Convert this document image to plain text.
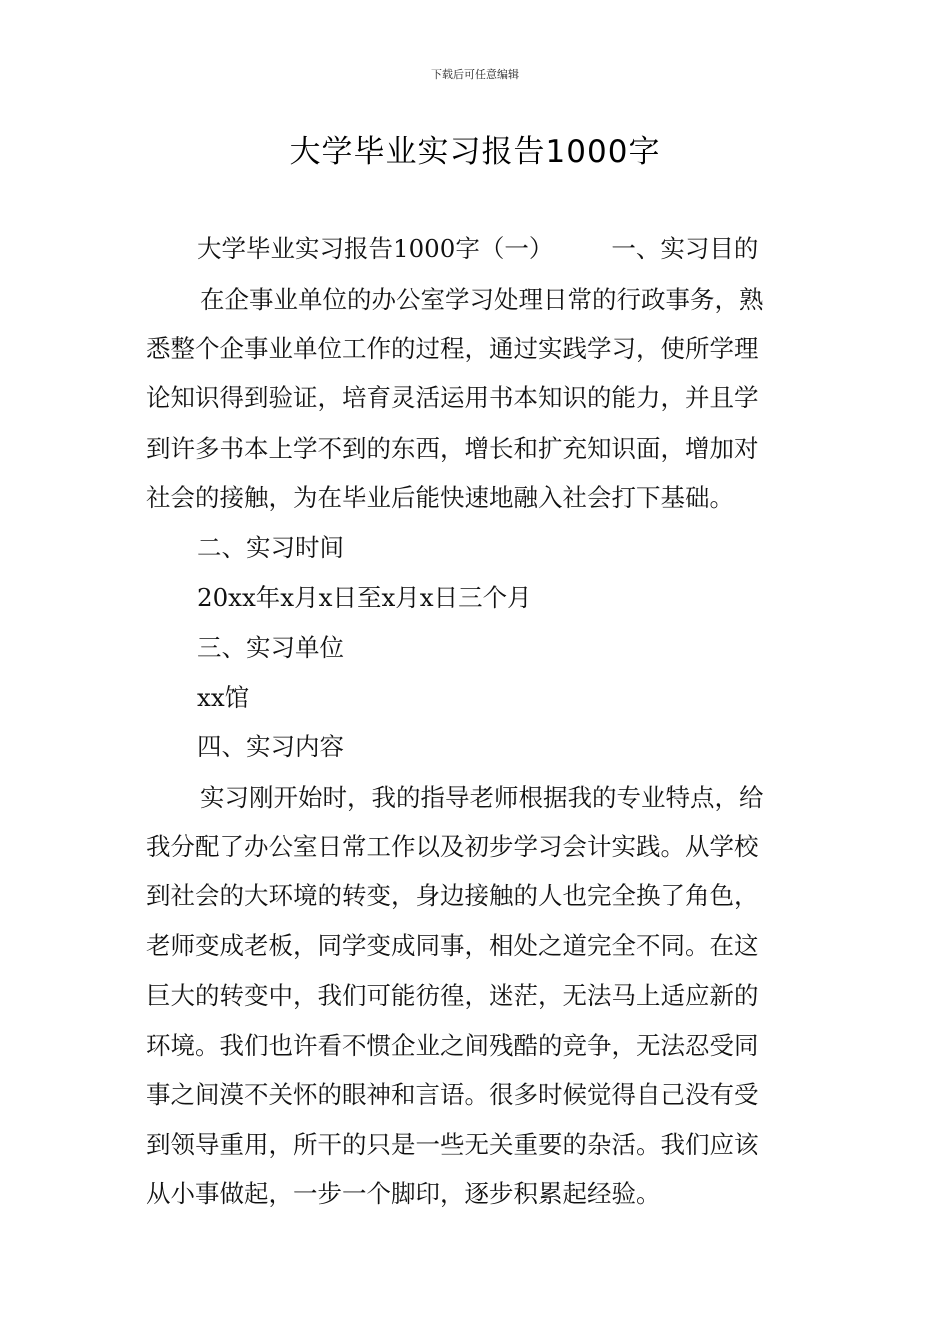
下载后可任意编辑
大学毕业实习报告1000字
大学毕业实习报告1000字（一） 一、实习目的
在企事业单位的办公室学习处理日常的行政事务，熟
悉整个企事业单位工作的过程，通过实践学习，使所学理
论知识得到验证，培育灵活运用书本知识的能力，并且学
到许多书本上学不到的东西，增长和扩充知识面，增加对
社会的接触，为在毕业后能快速地融入社会打下基础。
二、实习时间
20xx年x月x日至x月x日三个月
三、实习单位
xx馆
四、实习内容
实习刚开始时，我的指导老师根据我的专业特点，给
我分配了办公室日常工作以及初步学习会计实践。从学校
到社会的大环境的转变，身边接触的人也完全换了角色，
老师变成老板，同学变成同事，相处之道完全不同。在这
巨大的转变中，我们可能彷徨，迷茫，无法马上适应新的
环境。我们也许看不惯企业之间残酷的竞争，无法忍受同
事之间漠不关怀的眼神和言语。很多时候觉得自己没有受
到领导重用，所干的只是一些无关重要的杂活。我们应该
从小事做起，一步一个脚印，逐步积累起经验。
